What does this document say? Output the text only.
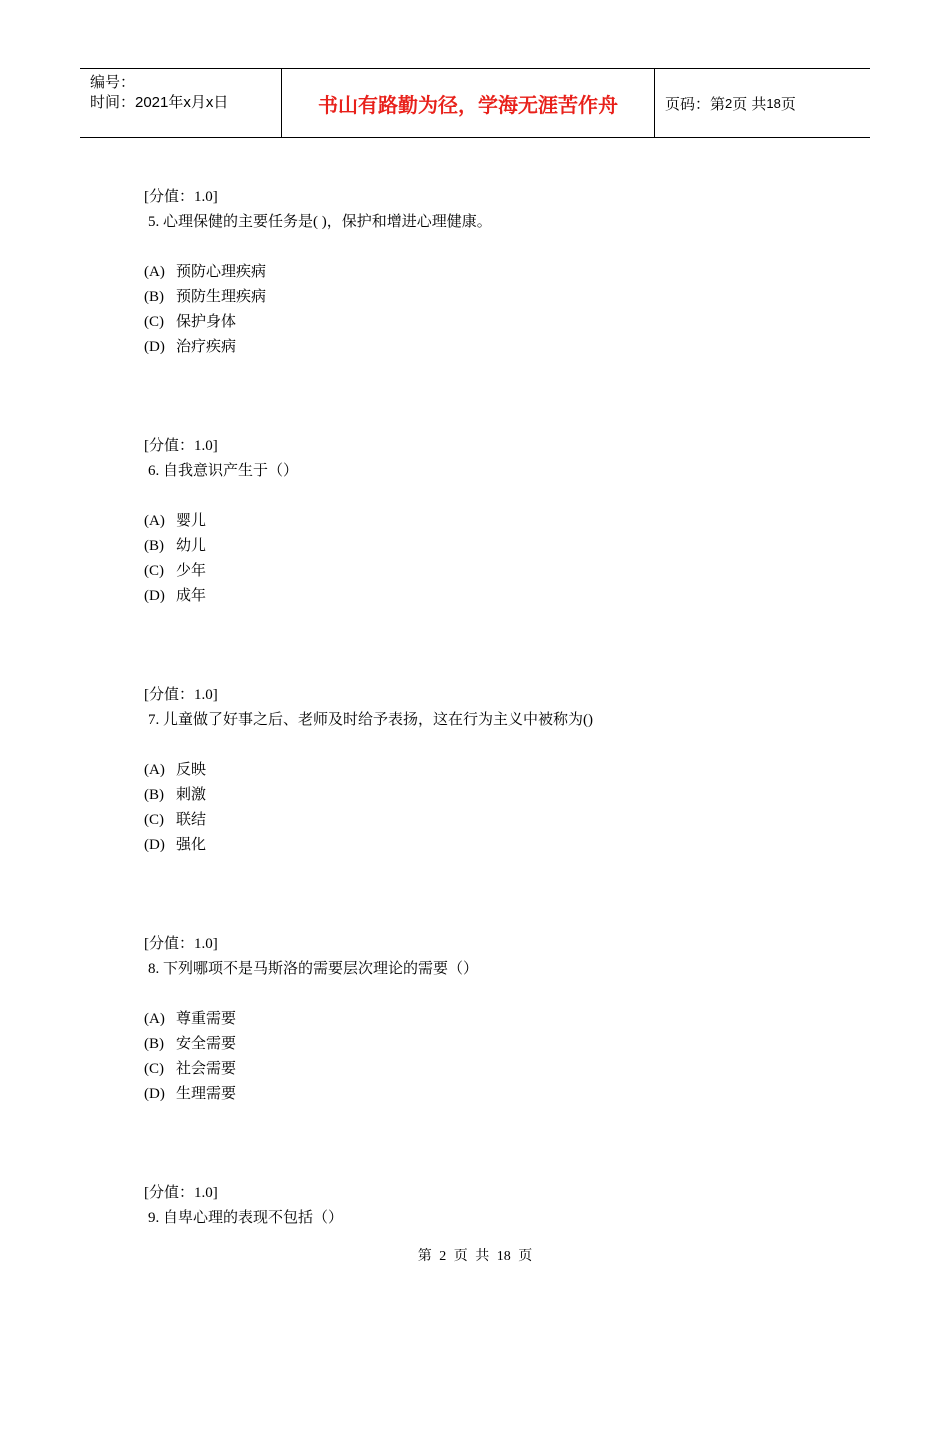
编号：
时间：2021年x月x日	书山有路勤为径，学海无涯苦作舟	页码：第 2 页 共 18 页
[分值：1.0]
5. 心理保健的主要任务是( )，保护和增进心理健康。
(A) 预防心理疾病
(B) 预防生理疾病
(C) 保护身体
(D) 治疗疾病
[分值：1.0]
6. 自我意识产生于（）
(A) 婴儿
(B) 幼儿
(C) 少年
(D) 成年
[分值：1.0]
7. 儿童做了好事之后、老师及时给予表扬，这在行为主义中被称为()
(A) 反映
(B) 刺激
(C) 联结
(D) 强化
[分值：1.0]
8. 下列哪项不是马斯洛的需要层次理论的需要（）
(A) 尊重需要
(B) 安全需要
(C) 社会需要
(D) 生理需要
[分值：1.0]
9. 自卑心理的表现不包括（）
第 2 页 共 18 页
